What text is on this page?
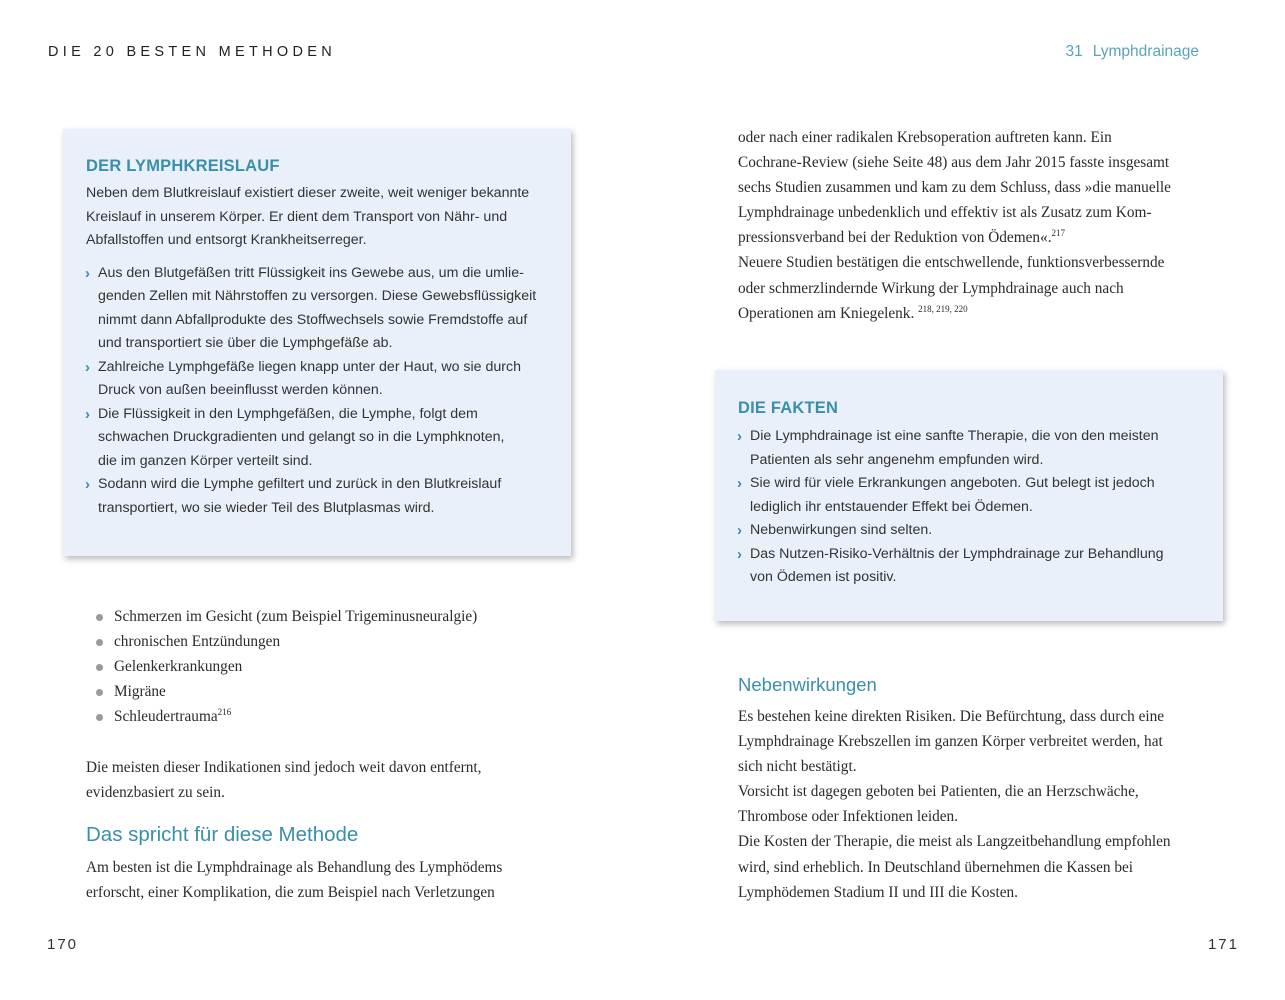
DIE 20 BESTEN METHODEN	31 Lymphdrainage
DER LYMPHKREISLAUF

Neben dem Blutkreislauf existiert dieser zweite, weit weniger bekannte
Kreislauf in unserem Körper. Er dient dem Transport von Nähr- und
Abfallstoffen und entsorgt Krankheitserreger.

› Aus den Blutgefäßen tritt Flüssigkeit ins Gewebe aus, um die umlie-
genden Zellen mit Nährstoffen zu versorgen. Diese Gewebsflüssigkeit
nimmt dann Abfallprodukte des Stoffwechsels sowie Fremdstoffe auf
und transportiert sie über die Lymphgefäße ab.
› Zahlreiche Lymphgefäße liegen knapp unter der Haut, wo sie durch
Druck von außen beeinflusst werden können.
› Die Flüssigkeit in den Lymphgefäßen, die Lymphe, folgt dem
schwachen Druckgradienten und gelangt so in die Lymphknoten,
die im ganzen Körper verteilt sind.
› Sodann wird die Lymphe gefiltert und zurück in den Blutkreislauf
transportiert, wo sie wieder Teil des Blutplasmas wird.
Schmerzen im Gesicht (zum Beispiel Trigeminusneuralgie)
chronischen Entzündungen
Gelenkerkrankungen
Migräne
Schleudertrauma$^{216}$
Die meisten dieser Indikationen sind jedoch weit davon entfernt,
evidenzbasiert zu sein.
Das spricht für diese Methode
Am besten ist die Lymphdrainage als Behandlung des Lymphödems
erforscht, einer Komplikation, die zum Beispiel nach Verletzungen
oder nach einer radikalen Krebsoperation auftreten kann. Ein
Cochrane-Review (siehe Seite 48) aus dem Jahr 2015 fasste insgesamt
sechs Studien zusammen und kam zu dem Schluss, dass »die manuelle
Lymphdrainage unbedenklich und effektiv ist als Zusatz zum Kom-
pressionsverband bei der Reduktion von Ödemen«.$^{217}$
Neuere Studien bestätigen die entschwellende, funktionsverbessernde
oder schmerzlindernde Wirkung der Lymphdrainage auch nach
Operationen am Kniegelenk. $^{218, 219, 220}$
DIE FAKTEN
› Die Lymphdrainage ist eine sanfte Therapie, die von den meisten
Patienten als sehr angenehm empfunden wird.
› Sie wird für viele Erkrankungen angeboten. Gut belegt ist jedoch
lediglich ihr entstauender Effekt bei Ödemen.
› Nebenwirkungen sind selten.
› Das Nutzen-Risiko-Verhältnis der Lymphdrainage zur Behandlung
von Ödemen ist positiv.
Nebenwirkungen
Es bestehen keine direkten Risiken. Die Befürchtung, dass durch eine
Lymphdrainage Krebszellen im ganzen Körper verbreitet werden, hat
sich nicht bestätigt.
Vorsicht ist dagegen geboten bei Patienten, die an Herzschwäche,
Thrombose oder Infektionen leiden.
Die Kosten der Therapie, die meist als Langzeitbehandlung empfohlen
wird, sind erheblich. In Deutschland übernehmen die Kassen bei
Lymphödemen Stadium II und III die Kosten.
170	171
